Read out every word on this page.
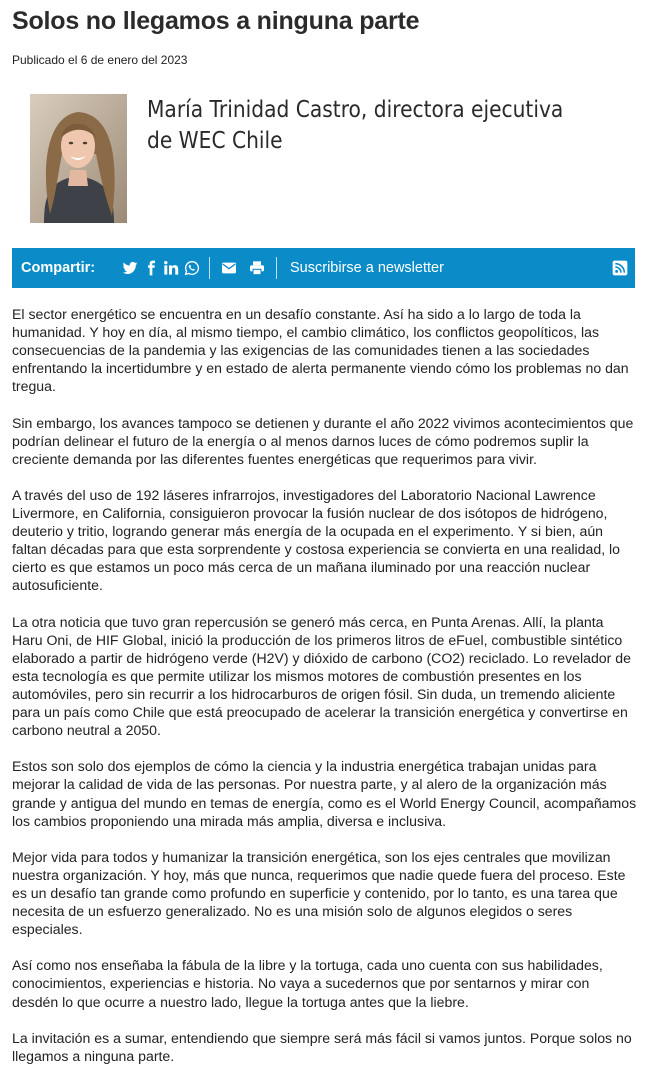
Solos no llegamos a ninguna parte
Publicado el 6 de enero del 2023
María Trinidad Castro, directora ejecutiva
de WEC Chile
Compartir:	Suscribirse a newsletter

El sector energético se encuentra en un desafío constante. Así ha sido a lo largo de toda la humanidad. Y hoy en día, al mismo tiempo, el cambio climático, los conflictos geopolíticos, las consecuencias de la pandemia y las exigencias de las comunidades tienen a las sociedades enfrentando la incertidumbre y en estado de alerta permanente viendo cómo los problemas no dan tregua.

Sin embargo, los avances tampoco se detienen y durante el año 2022 vivimos acontecimientos que podrían delinear el futuro de la energía o al menos darnos luces de cómo podremos suplir la creciente demanda por las diferentes fuentes energéticas que requerimos para vivir.

A través del uso de 192 láseres infrarrojos, investigadores del Laboratorio Nacional Lawrence Livermore, en California, consiguieron provocar la fusión nuclear de dos isótopos de hidrógeno, deuterio y tritio, logrando generar más energía de la ocupada en el experimento. Y si bien, aún faltan décadas para que esta sorprendente y costosa experiencia se convierta en una realidad, lo cierto es que estamos un poco más cerca de un mañana iluminado por una reacción nuclear autosuficiente.

La otra noticia que tuvo gran repercusión se generó más cerca, en Punta Arenas. Allí, la planta Haru Oni, de HIF Global, inició la producción de los primeros litros de eFuel, combustible sintético elaborado a partir de hidrógeno verde (H2V) y dióxido de carbono (CO2) reciclado. Lo revelador de esta tecnología es que permite utilizar los mismos motores de combustión presentes en los automóviles, pero sin recurrir a los hidrocarburos de origen fósil. Sin duda, un tremendo aliciente para un país como Chile que está preocupado de acelerar la transición energética y convertirse en carbono neutral a 2050.

Estos son solo dos ejemplos de cómo la ciencia y la industria energética trabajan unidas para mejorar la calidad de vida de las personas. Por nuestra parte, y al alero de la organización más grande y antigua del mundo en temas de energía, como es el World Energy Council, acompañamos los cambios proponiendo una mirada más amplia, diversa e inclusiva.

Mejor vida para todos y humanizar la transición energética, son los ejes centrales que movilizan nuestra organización. Y hoy, más que nunca, requerimos que nadie quede fuera del proceso. Este es un desafío tan grande como profundo en superficie y contenido, por lo tanto, es una tarea que necesita de un esfuerzo generalizado. No es una misión solo de algunos elegidos o seres especiales.

Así como nos enseñaba la fábula de la libre y la tortuga, cada uno cuenta con sus habilidades, conocimientos, experiencias e historia. No vaya a sucedernos que por sentarnos y mirar con desdén lo que ocurre a nuestro lado, llegue la tortuga antes que la liebre.

La invitación es a sumar, entendiendo que siempre será más fácil si vamos juntos. Porque solos no llegamos a ninguna parte.
